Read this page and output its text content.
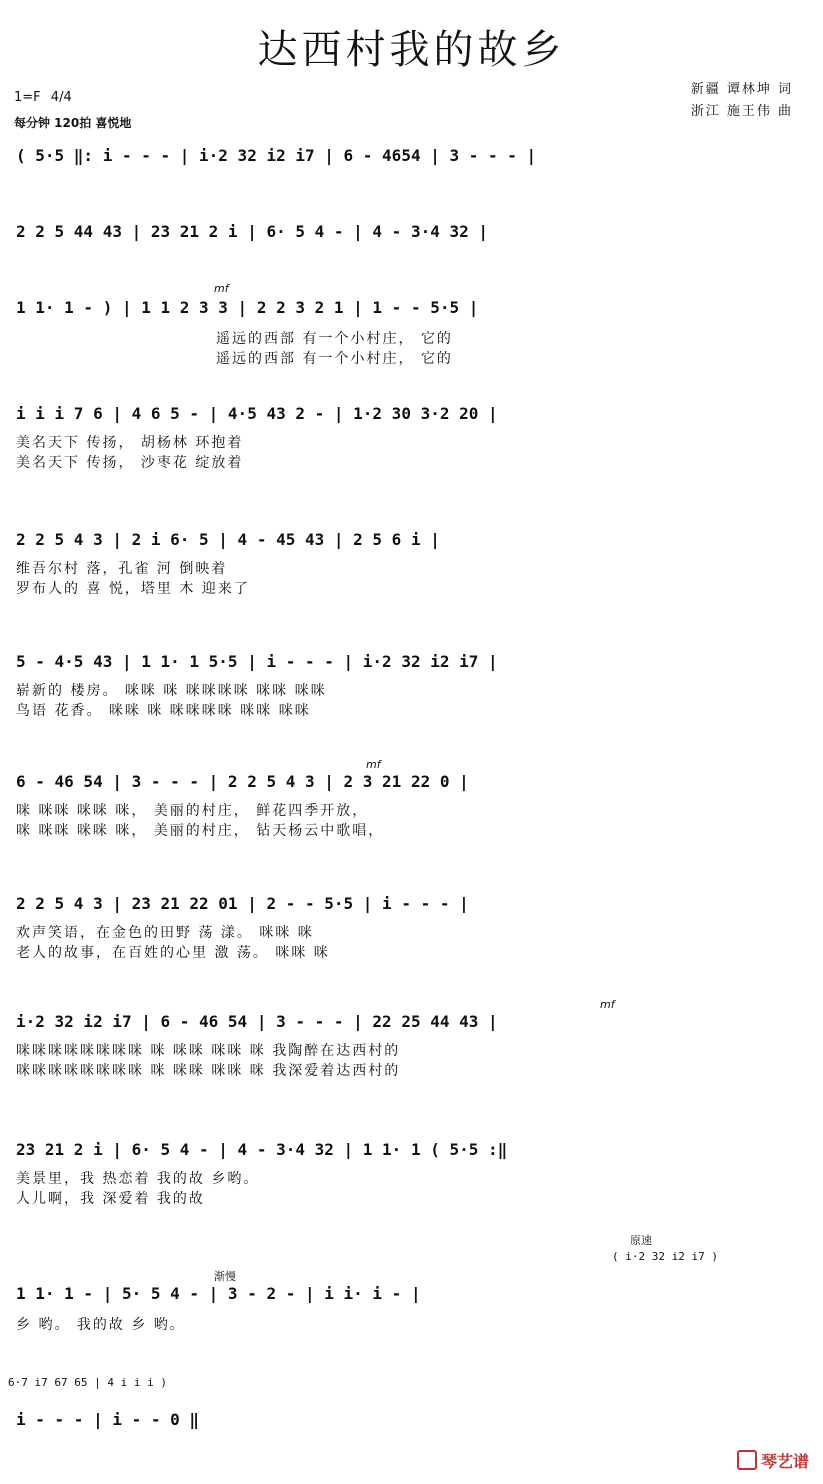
达西村我的故乡
1=F 4/4
每分钟 120拍 喜悦地
新疆 谭林坤 词
浙江 施王伟 曲
( 5·5 ‖: i - - - | i·2 32 i2 i7 | 6 - 4654 | 3 - - - |
2 2 5 44 43 | 23 21 2 i | 6· 5 4 - | 4 - 3·4 32 |
mf
1 1· 1 - ) | 1 1 2 3 3 | 2 2 3 2 1 | 1 - - 5·5 |
遥远的西部 有一个小村庄， 它的
遥远的西部 有一个小村庄， 它的
i i i 7 6 | 4 6 5 - | 4·5 43 2 - | 1·2 30 3·2 20 |
美名天下 传扬， 胡杨林 环抱着
美名天下 传扬， 沙枣花 绽放着
2 2 5 4 3 | 2 i 6· 5 | 4 - 45 43 | 2 5 6 i |
维吾尔村 落，孔雀 河 倒映着
罗布人的 喜 悦，塔里 木 迎来了
5 - 4·5 43 | 1 1· 1 5·5 | i - - - | i·2 32 i2 i7 |
崭新的 楼房。 咪咪 咪 咪咪咪咪 咪咪 咪咪
鸟语 花香。 咪咪 咪 咪咪咪咪 咪咪 咪咪
mf
6 - 46 54 | 3 - - - | 2 2 5 4 3 | 2 3 21 22 0 |
咪 咪咪 咪咪 咪， 美丽的村庄， 鲜花四季开放，
咪 咪咪 咪咪 咪， 美丽的村庄， 钻天杨云中歌唱，
2 2 5 4 3 | 23 21 22 01 | 2 - - 5·5 | i - - - |
欢声笑语，在金色的田野 荡 漾。 咪咪 咪
老人的故事，在百姓的心里 激 荡。 咪咪 咪
mf
i·2 32 i2 i7 | 6 - 46 54 | 3 - - - | 22 25 44 43 |
咪咪咪咪咪咪咪咪 咪 咪咪 咪咪 咪 我陶醉在达西村的
咪咪咪咪咪咪咪咪 咪 咪咪 咪咪 咪 我深爱着达西村的
23 21 2 i | 6· 5 4 - | 4 - 3·4 32 | 1 1· 1 ( 5·5 :‖
美景里，我 热恋着 我的故 乡哟。
人儿啊，我 深爱着 我的故
渐慢
原速
( i·2 32 i2 i7 )
1 1· 1 - | 5· 5 4 - | 3 - 2 - | i i· i - |
乡 哟。 我的故 乡 哟。
6·7 i7 67 65 | 4 i i i )
i - - - | i - - 0 ‖
琴艺谱
